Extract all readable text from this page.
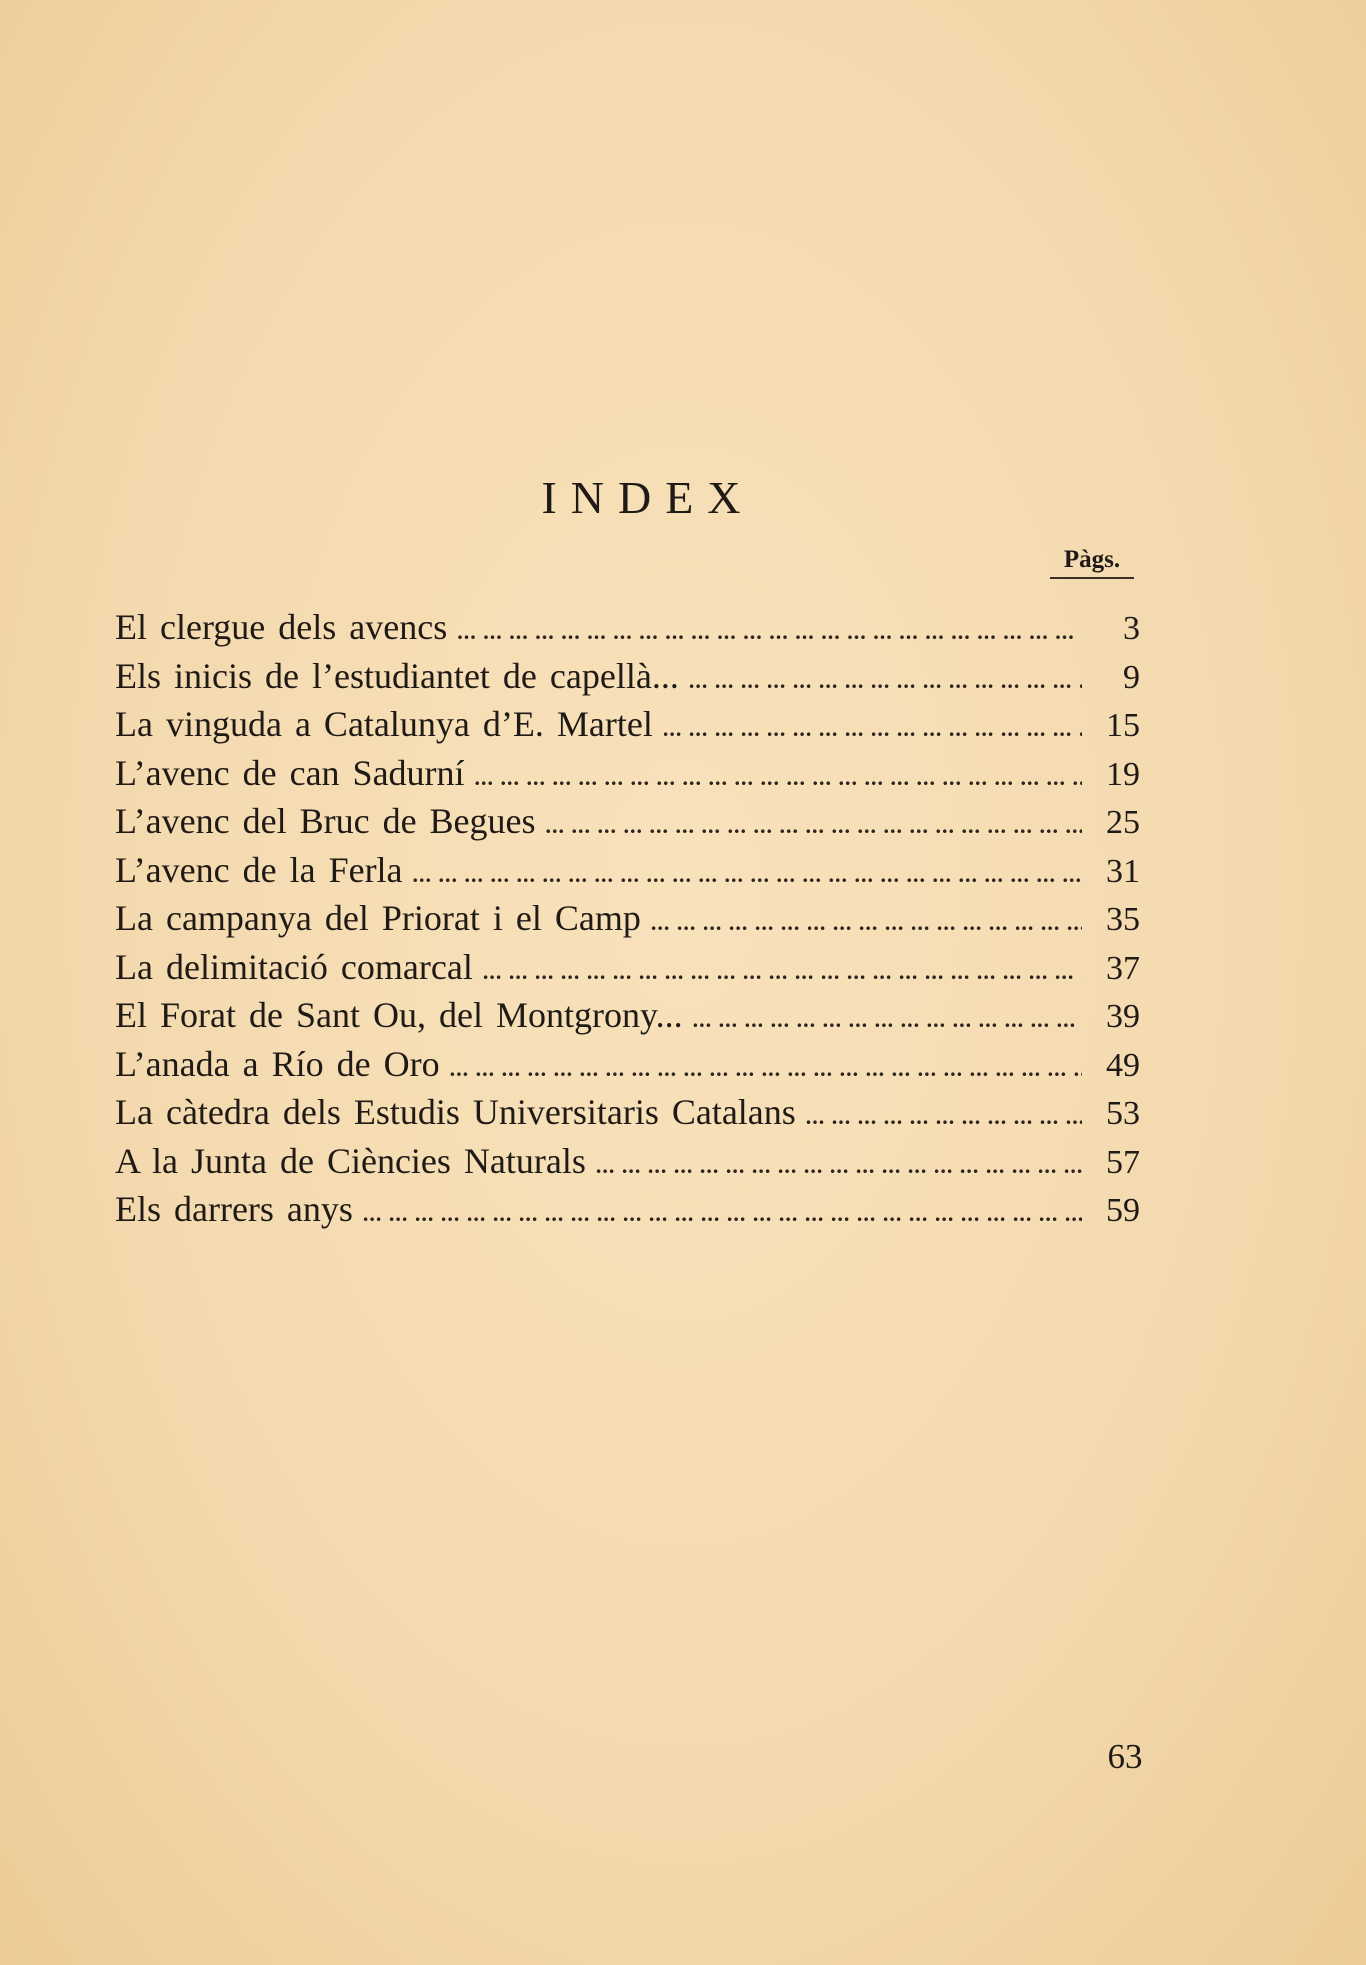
INDEX
Pàgs.
El clergue dels avencs ... .	3
Els inicis de l’estudiantet de capellà... ... .	9
La vinguda a Catalunya d’E. Martel ... .	15
L’avenc de can Sadurní ... .	19
L’avenc del Bruc de Begues ... .	25
L’avenc de la Ferla ... .	31
La campanya del Priorat i el Camp ... .	35
La delimitació comarcal ... .	37
El Forat de Sant Ou, del Montgrony... ... .	39
L’anada a Río de Oro ... .	49
La càtedra dels Estudis Universitaris Catalans ... .	53
A la Junta de Ciències Naturals ... .	57
Els darrers anys ... .	59
63
